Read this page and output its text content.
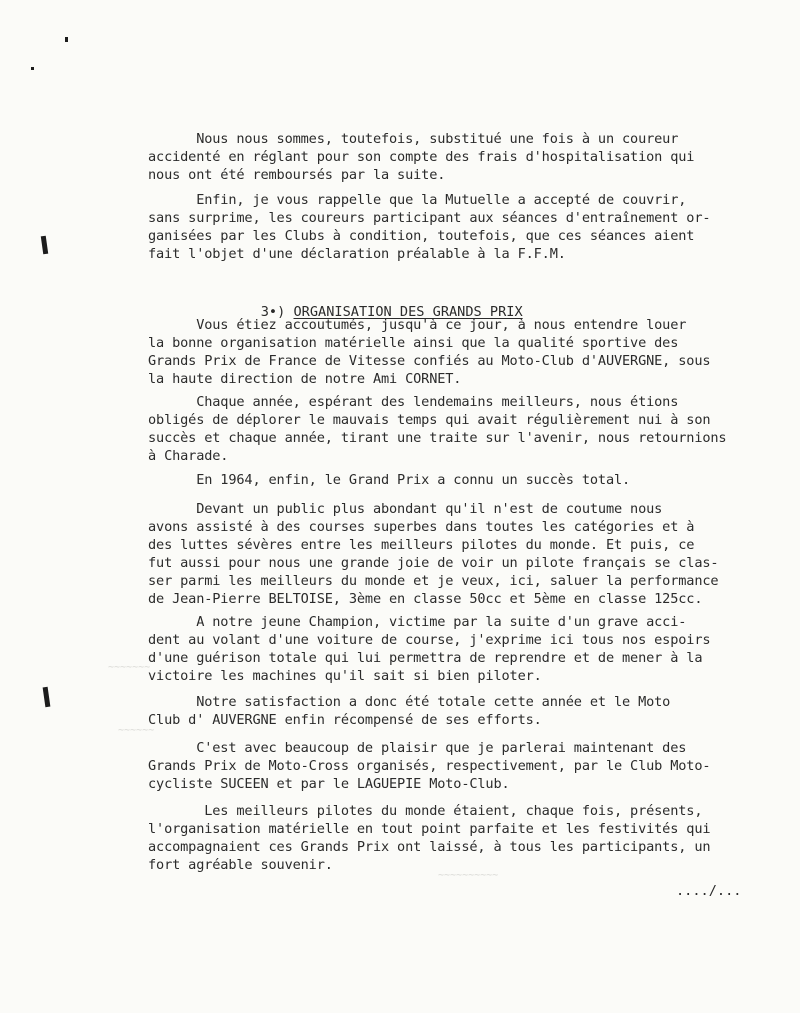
~~~~~~~
~~~~~~
~~~~~~~~~~
Nous nous sommes, toutefois, substitué une fois à un coureur
accidenté en réglant pour son compte des frais d'hospitalisation qui
nous ont été remboursés par la suite.
Enfin, je vous rappelle que la Mutuelle a accepté de couvrir,
sans surprime, les coureurs participant aux séances d'entraînement or-
ganisées par les Clubs à condition, toutefois, que ces séances aient
fait l'objet d'une déclaration préalable à la F.F.M.

3•) ORGANISATION DES GRANDS PRIX

Vous étiez accoutumés, jusqu'à ce jour, à nous entendre louer
la bonne organisation matérielle ainsi que la qualité sportive des
Grands Prix de France de Vitesse confiés au Moto-Club d'AUVERGNE, sous
la haute direction de notre Ami CORNET.
Chaque année, espérant des lendemains meilleurs, nous étions
obligés de déplorer le mauvais temps qui avait régulièrement nui à son
succès et chaque année, tirant une traite sur l'avenir, nous retournions
à Charade.
En 1964, enfin, le Grand Prix a connu un succès total.
Devant un public plus abondant qu'il n'est de coutume nous
avons assisté à des courses superbes dans toutes les catégories et à
des luttes sévères entre les meilleurs pilotes du monde. Et puis, ce
fut aussi pour nous une grande joie de voir un pilote français se clas-
ser parmi les meilleurs du monde et je veux, ici, saluer la performance
de Jean-Pierre BELTOISE, 3ème en classe 50cc et 5ème en classe 125cc.
A notre jeune Champion, victime par la suite d'un grave acci-
dent au volant d'une voiture de course, j'exprime ici tous nos espoirs
d'une guérison totale qui lui permettra de reprendre et de mener à la
victoire les machines qu'il sait si bien piloter.
Notre satisfaction a donc été totale cette année et le Moto
Club d' AUVERGNE enfin récompensé de ses efforts.
C'est avec beaucoup de plaisir que je parlerai maintenant des
Grands Prix de Moto-Cross organisés, respectivement, par le Club Moto-
cycliste SUCEEN et par le LAGUEPIE Moto-Club.
Les meilleurs pilotes du monde étaient, chaque fois, présents,
l'organisation matérielle en tout point parfaite et les festivités qui
accompagnaient ces Grands Prix ont laissé, à tous les participants, un
fort agréable souvenir.
..../...
